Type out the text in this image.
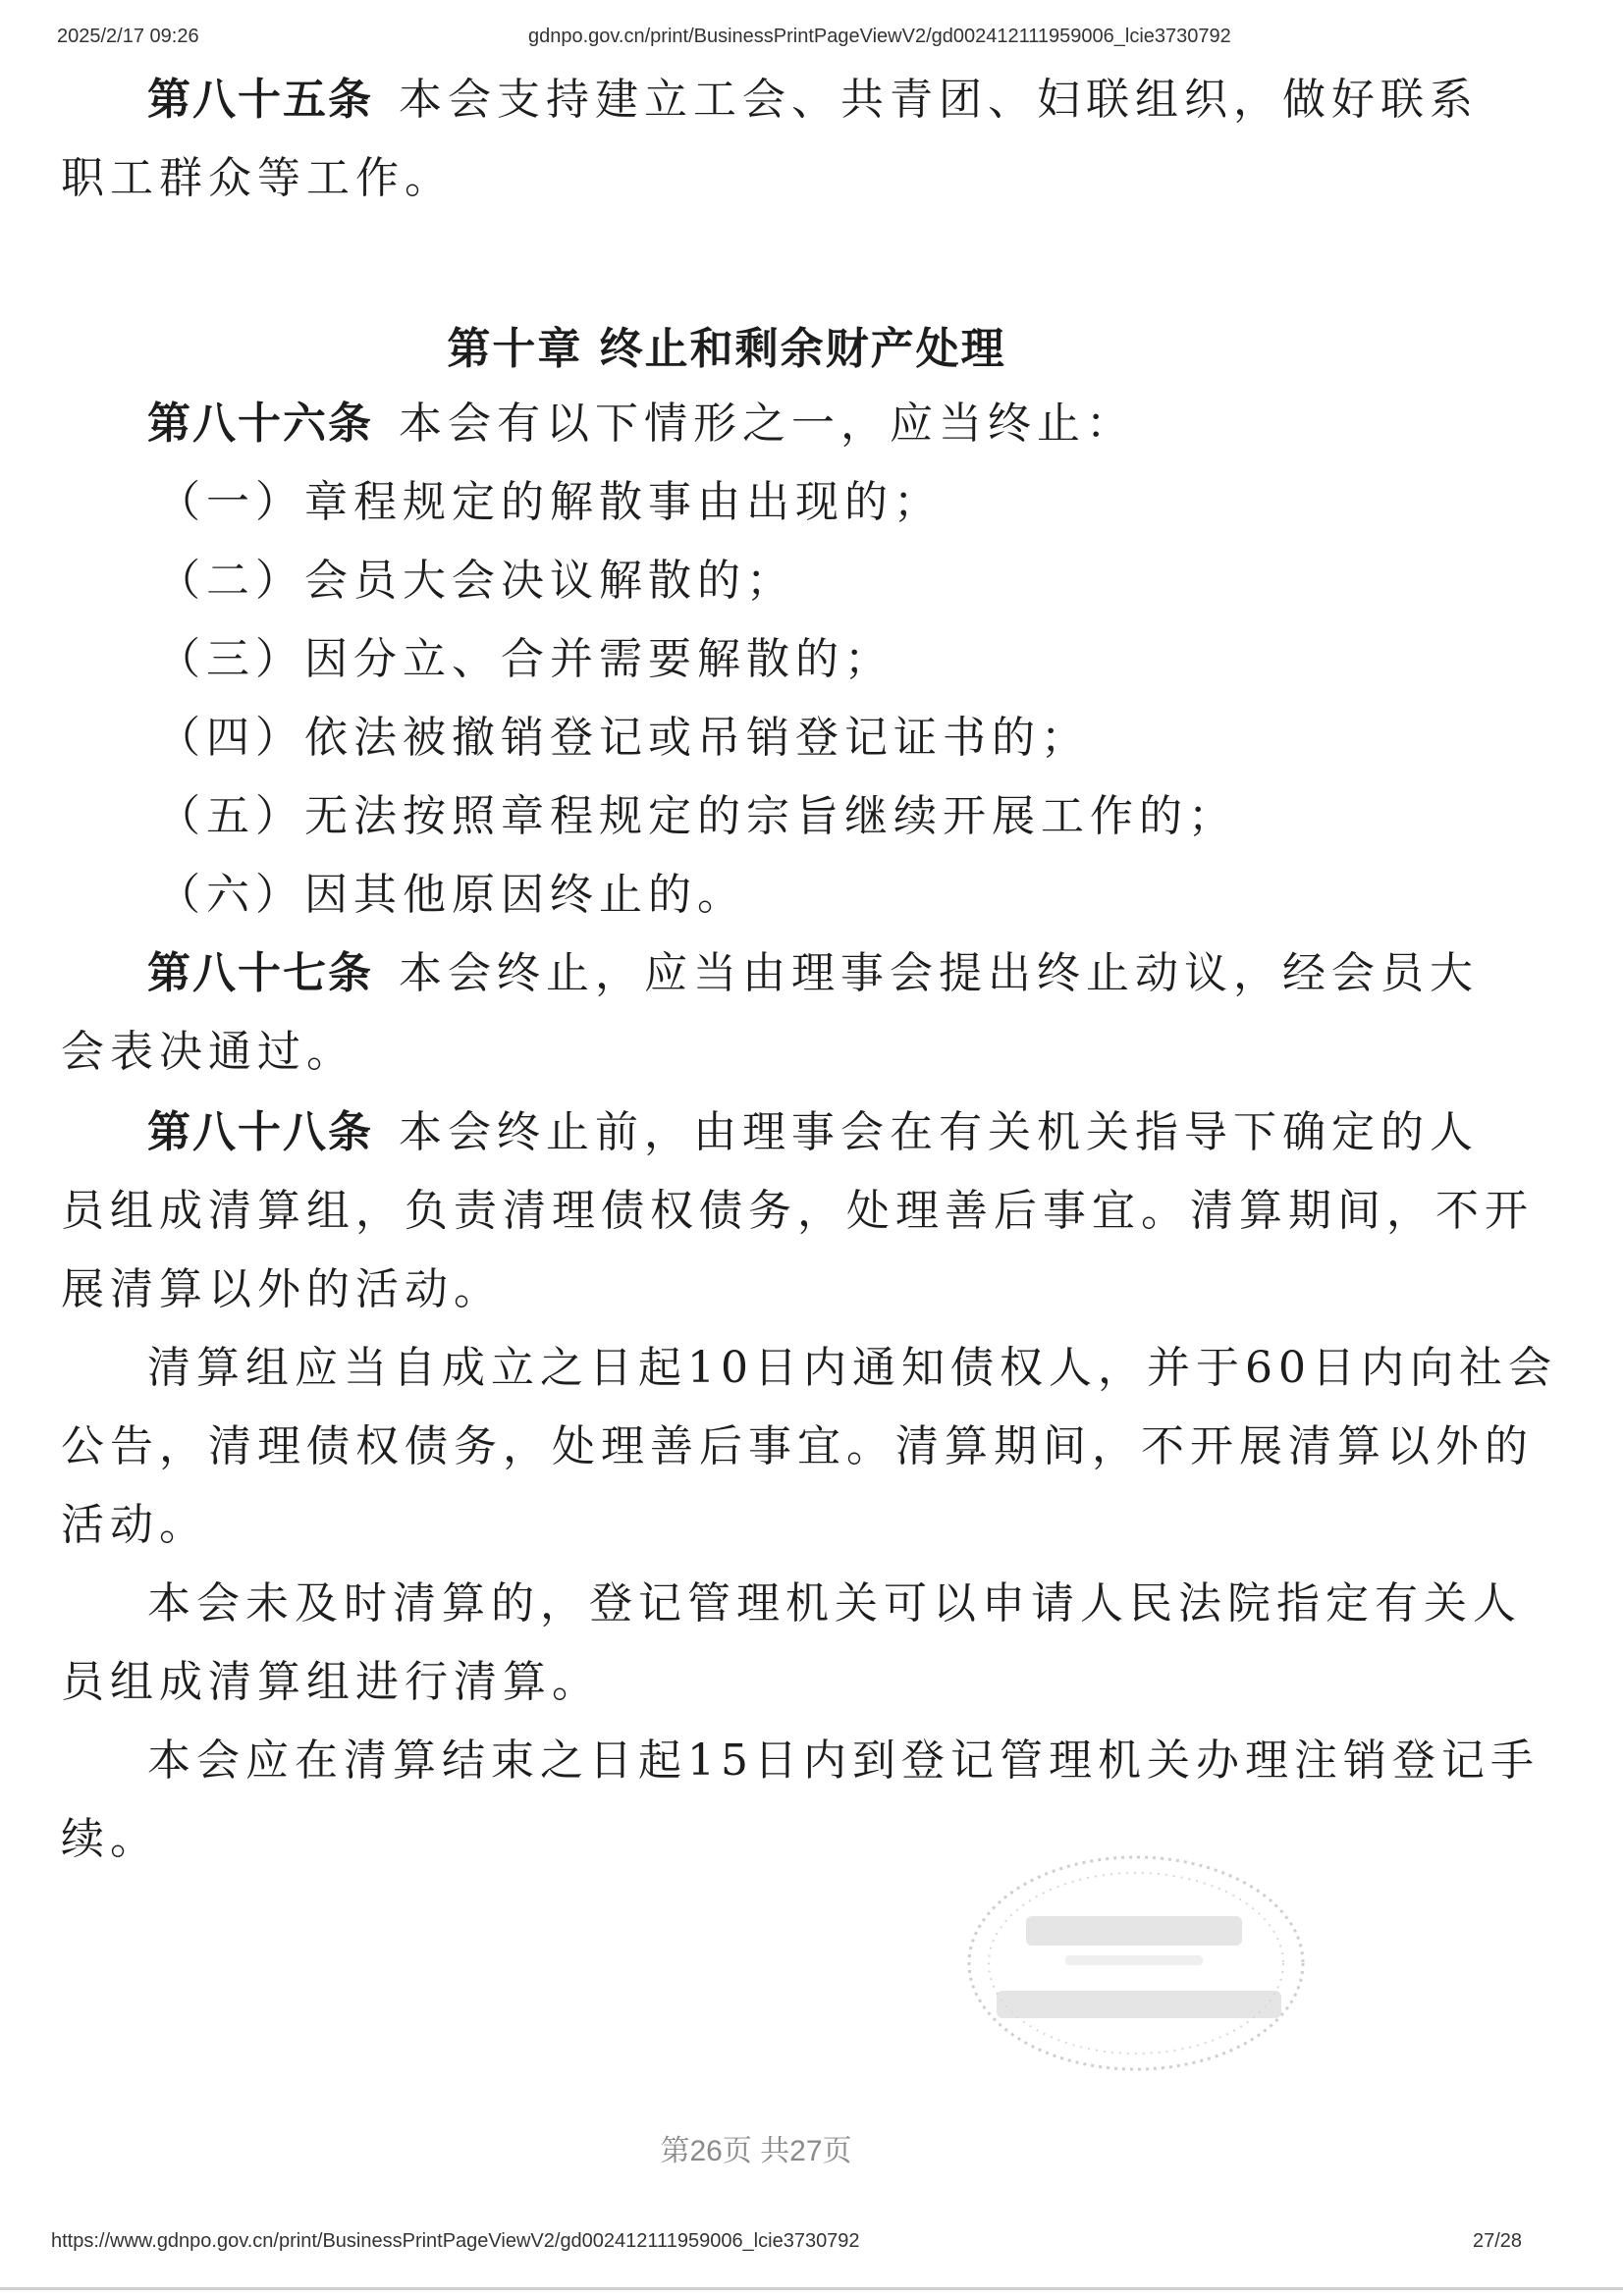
2025/2/17 09:26	gdnpo.gov.cn/print/BusinessPrintPageViewV2/gd002412111959006_lcie3730792
第八十五条 本会支持建立工会、共青团、妇联组织，做好联系
职工群众等工作。
第十章 终止和剩余财产处理
第八十六条 本会有以下情形之一，应当终止：
（一）章程规定的解散事由出现的；
（二）会员大会决议解散的；
（三）因分立、合并需要解散的；
（四）依法被撤销登记或吊销登记证书的；
（五）无法按照章程规定的宗旨继续开展工作的；
（六）因其他原因终止的。
第八十七条 本会终止，应当由理事会提出终止动议，经会员大
会表决通过。
第八十八条 本会终止前，由理事会在有关机关指导下确定的人
员组成清算组，负责清理债权债务，处理善后事宜。清算期间，不开
展清算以外的活动。
清算组应当自成立之日起10日内通知债权人，并于60日内向社会
公告，清理债权债务，处理善后事宜。清算期间，不开展清算以外的
活动。
本会未及时清算的，登记管理机关可以申请人民法院指定有关人
员组成清算组进行清算。
本会应在清算结束之日起15日内到登记管理机关办理注销登记手
续。
第26页 共27页
https://www.gdnpo.gov.cn/print/BusinessPrintPageViewV2/gd002412111959006_lcie3730792	27/28
